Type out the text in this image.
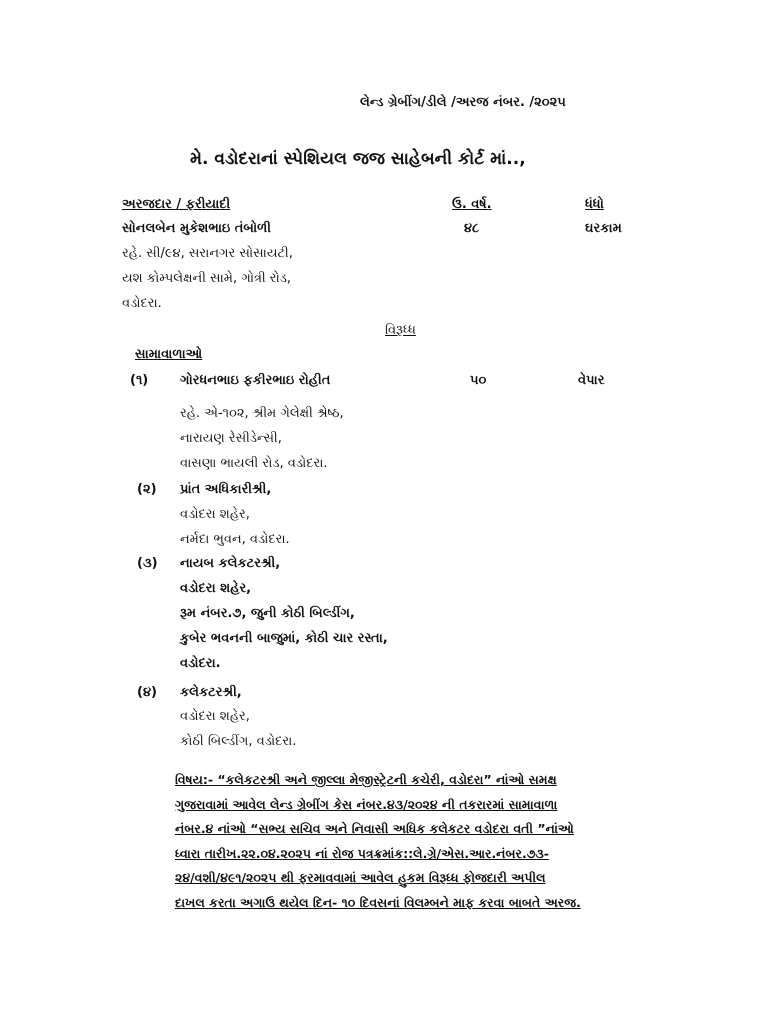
લેન્ડ ગ્રેબીંગ/ડીલે /અરજ નંબર. /૨૦૨૫
મે. વડોદરાનાં સ્પેશિયલ જજ સાહેબની કોર્ટ માં..,
અરજદાર / ફરીયાદી	ઉ. વર્ષ.	ધંધો
સોનલબેન મુકેશભાઇ તંબોળી	૪૮	ઘરકામ
રહે. સી/૯૪, સરાનગર સોસાયટી,
યશ કોમ્પલેક્ષની સામે, ગોત્રી રોડ,
વડોદરા.
વિરૂધ્ધ
સામાવાળાઓ
(૧) ગોરધનભાઇ ફકીરભાઇ રોહીત	૫૦	વેપાર
રહે. એ-૧૦૨, શ્રીમ ગેલેક્ષી શ્રેષ્ઠ,
નારાયણ રેસીડેન્સી,
વાસણા ભાયલી રોડ, વડોદરા.
(૨) પ્રાંત અધિકારીશ્રી,
વડોદરા શહેર,
નર્મદા ભુવન, વડોદરા.
(૩) નાયબ કલેકટરશ્રી,
વડોદરા શહેર,
રૂમ નંબર.૭, જુની કોઠી બિલ્ડીંગ,
કુબેર ભવનની બાજુમાં, કોઠી ચાર રસ્તા,
વડોદરા.
(૪) કલેકટરશ્રી,
વડોદરા શહેર,
કોઠી બિલ્ડીંગ, વડોદરા.
વિષય:- “કલેકટરશ્રી અને જીલ્લા મેજીસ્ટ્રેટની કચેરી, વડોદરા” નાંઓ સમક્ષ
ગુજરાવામાં આવેલ લેન્ડ ગ્રેબીંગ કેસ નંબર.૪૩/૨૦૨૪ ની તકરારમાં સામાવાળા
નંબર.૪ નાંઓ “સભ્ય સચિવ અને નિવાસી અધિક કલેકટર વડોદરા વતી ”નાંઓ
ધ્વારા તારીખ.૨૨.૦૪.૨૦૨૫ નાં રોજ પત્રક્રમાંક::લે.ગ્રે/એસ.આર.નંબર.૭૩-
૨૪/વશી/૪૯૧/૨૦૨૫ થી ફરમાવવામાં આવેલ હુકમ વિરૂધ્ધ ફોજદારી અપીલ
દાખલ કરતા અગાઉ થયેલ દિન- ૧૦ દિવસનાં વિલમ્બને માફ કરવા બાબતે અરજ.
